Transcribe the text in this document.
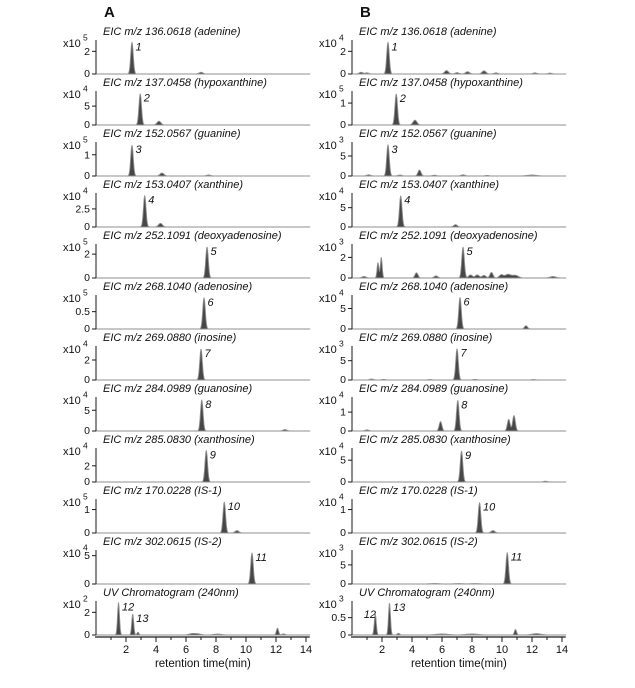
A
2
0
x10
5 EIC m/z 136.0618 (adenine)
1
5
0
x10
4 EIC m/z 137.0458 (hypoxanthine)
2
1
0
x10
5 EIC m/z 152.0567 (guanine)
3
2.5
0
x10
4 EIC m/z 153.0407 (xanthine)
4
2
0
x10
5 EIC m/z 252.1091 (deoxyadenosine)
5
0.5
0
x10
5 EIC m/z 268.1040 (adenosine)
6
2
0
x10
4 EIC m/z 269.0880 (inosine)
7
5
0
x10
4 EIC m/z 284.0989 (guanosine)
8
2
0
x10
4 EIC m/z 285.0830 (xanthosine)
9
1
0
x10
5 EIC m/z 170.0228 (IS-1)
10
5
0
x10
4 EIC m/z 302.0615 (IS-2)
11
2
0
x10
2 UV Chromatogram (240nm)
12
13
2 4 6 8 10 12 14
retention time(min)
B
2
0
x10
4 EIC m/z 136.0618 (adenine)
1
1
0
x10
5 EIC m/z 137.0458 (hypoxanthine)
2
5
0
x10
3 EIC m/z 152.0567 (guanine)
3
5
0
x10
4 EIC m/z 153.0407 (xanthine)
4
2
0
x10
3 EIC m/z 252.1091 (deoxyadenosine)
5
5
0
x10
4 EIC m/z 268.1040 (adenosine)
6
5
0
x10
3 EIC m/z 269.0880 (inosine)
7
1
0
x10
4 EIC m/z 284.0989 (guanosine)
8
5
0
x10
4 EIC m/z 285.0830 (xanthosine)
9
1
0
x10
4 EIC m/z 170.0228 (IS-1)
10
5
0
x10
3 EIC m/z 302.0615 (IS-2)
11
0.5
0
x10
3 UV Chromatogram (240nm)
12
13
2 4 6 8 10 12 14
retention time(min)
